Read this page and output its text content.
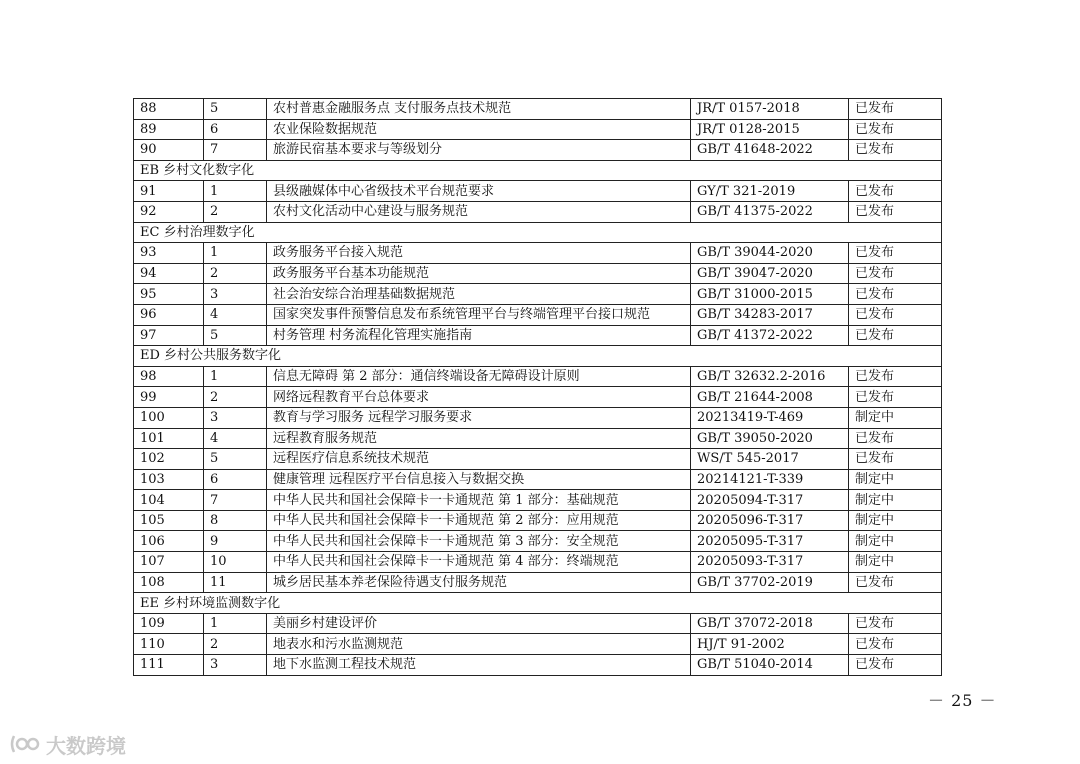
88	5	农村普惠金融服务点 支付服务点技术规范	JR/T 0157-2018	已发布
89	6	农业保险数据规范	JR/T 0128-2015	已发布
90	7	旅游民宿基本要求与等级划分	GB/T 41648-2022	已发布
EB 乡村文化数字化				
91	1	县级融媒体中心省级技术平台规范要求	GY/T 321-2019	已发布
92	2	农村文化活动中心建设与服务规范	GB/T 41375-2022	已发布
EC 乡村治理数字化				
93	1	政务服务平台接入规范	GB/T 39044-2020	已发布
94	2	政务服务平台基本功能规范	GB/T 39047-2020	已发布
95	3	社会治安综合治理基础数据规范	GB/T 31000-2015	已发布
96	4	国家突发事件预警信息发布系统管理平台与终端管理平台接口规范	GB/T 34283-2017	已发布
97	5	村务管理 村务流程化管理实施指南	GB/T 41372-2022	已发布
ED 乡村公共服务数字化				
98	1	信息无障碍 第 2 部分：通信终端设备无障碍设计原则	GB/T 32632.2-2016	已发布
99	2	网络远程教育平台总体要求	GB/T 21644-2008	已发布
100	3	教育与学习服务 远程学习服务要求	20213419-T-469	制定中
101	4	远程教育服务规范	GB/T 39050-2020	已发布
102	5	远程医疗信息系统技术规范	WS/T 545-2017	已发布
103	6	健康管理 远程医疗平台信息接入与数据交换	20214121-T-339	制定中
104	7	中华人民共和国社会保障卡一卡通规范 第 1 部分：基础规范	20205094-T-317	制定中
105	8	中华人民共和国社会保障卡一卡通规范 第 2 部分：应用规范	20205096-T-317	制定中
106	9	中华人民共和国社会保障卡一卡通规范 第 3 部分：安全规范	20205095-T-317	制定中
107	10	中华人民共和国社会保障卡一卡通规范 第 4 部分：终端规范	20205093-T-317	制定中
108	11	城乡居民基本养老保险待遇支付服务规范	GB/T 37702-2019	已发布
EE 乡村环境监测数字化				
109	1	美丽乡村建设评价	GB/T 37072-2018	已发布
110	2	地表水和污水监测规范	HJ/T 91-2002	已发布
111	3	地下水监测工程技术规范	GB/T 51040-2014	已发布
－ 25 －
大数跨境
